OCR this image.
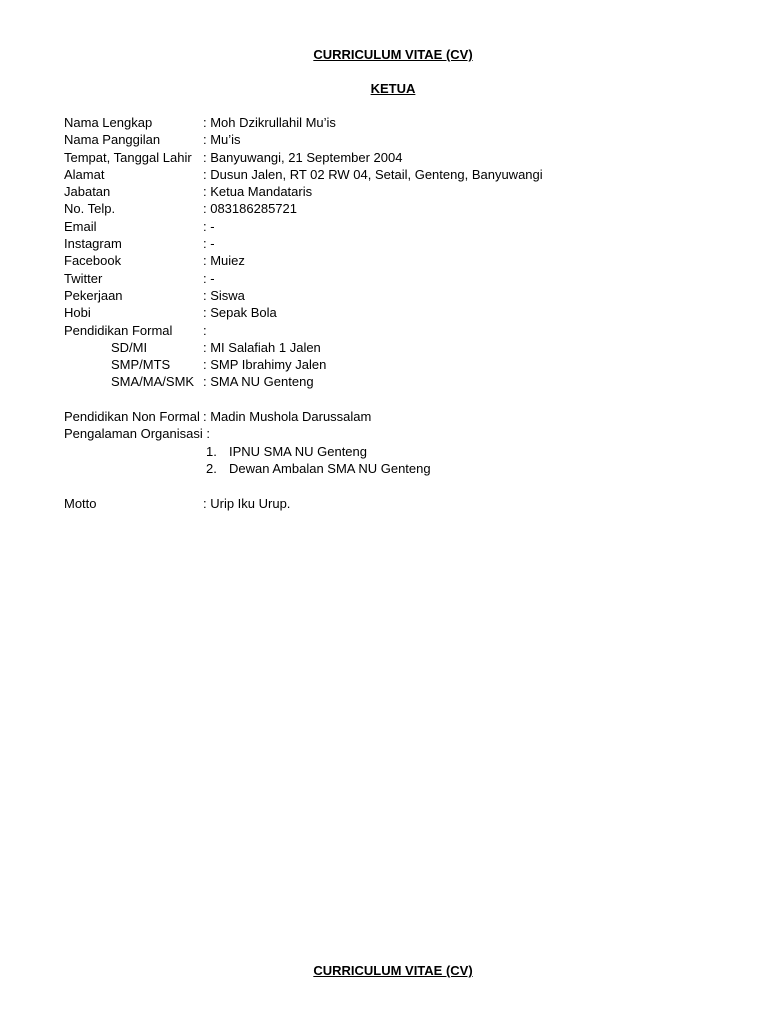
CURRICULUM VITAE (CV)
KETUA
Nama Lengkap	: Moh Dzikrullahil Mu’is
Nama Panggilan	: Mu’is
Tempat, Tanggal Lahir : Banyuwangi, 21 September 2004
Alamat	: Dusun Jalen, RT 02 RW 04, Setail, Genteng, Banyuwangi
Jabatan	: Ketua Mandataris
No. Telp.	: 083186285721
Email	: -
Instagram	: -
Facebook	: Muiez
Twitter	: -
Pekerjaan	: Siswa
Hobi	: Sepak Bola
Pendidikan Formal :
SD/MI	: MI Salafiah 1 Jalen
SMP/MTS	: SMP Ibrahimy Jalen
SMA/MA/SMK : SMA NU Genteng
Pendidikan Non Formal : Madin Mushola Darussalam
Pengalaman Organisasi :
1. IPNU SMA NU Genteng
2. Dewan Ambalan SMA NU Genteng
Motto	: Urip Iku Urup.
CURRICULUM VITAE (CV)
